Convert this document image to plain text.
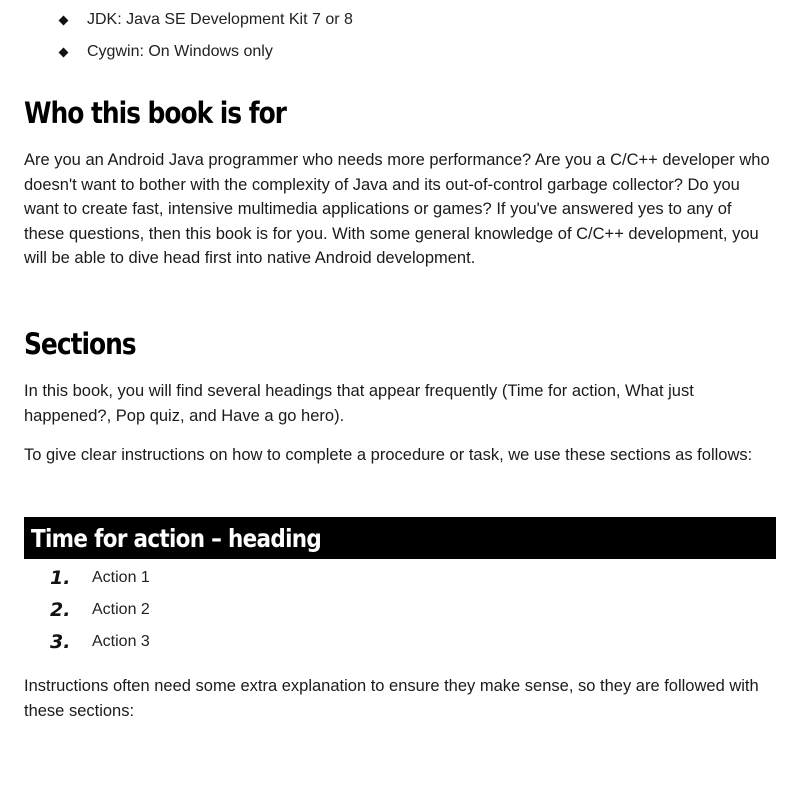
JDK: Java SE Development Kit 7 or 8
Cygwin: On Windows only
Who this book is for

Are you an Android Java programmer who needs more performance? Are you a C/C++ developer who doesn't want to bother with the complexity of Java and its out-of-control garbage collector? Do you want to create fast, intensive multimedia applications or games? If you've answered yes to any of these questions, then this book is for you. With some general knowledge of C/C++ development, you will be able to dive head first into native Android development.

Sections

In this book, you will find several headings that appear frequently (Time for action, What just happened?, Pop quiz, and Have a go hero).

To give clear instructions on how to complete a procedure or task, we use these sections as follows:

Time for action – heading
1.	Action 1
2.	Action 2
3.	Action 3

Instructions often need some extra explanation to ensure they make sense, so they are followed with these sections:
